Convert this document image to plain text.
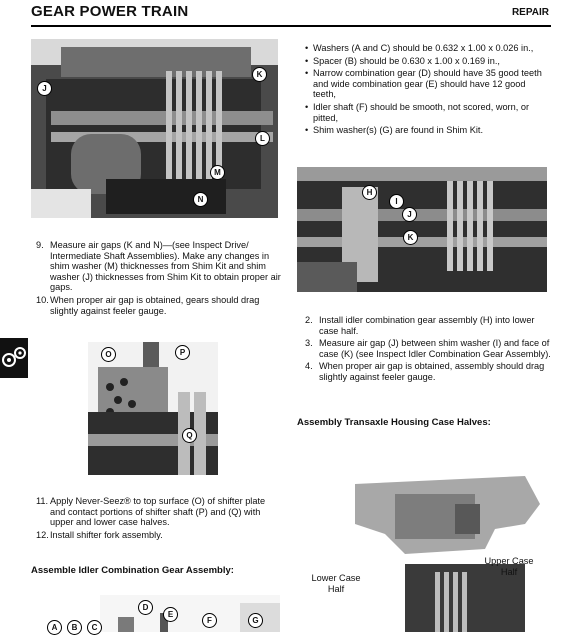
GEAR POWER TRAIN	REPAIR
J
K
L
M
N
9. Measure air gaps (K and N)—(see Inspect Drive/ Intermediate Shaft Assemblies). Make any changes in shim washer (M) thicknesses from Shim Kit and shim washer (J) thicknesses from Shim Kit to obtain proper air gaps.
10. When proper air gap is obtained, gears should drag slightly against feeler gauge.
O	P
Q
11. Apply Never-Seez® to top surface (O) of shifter plate and contact portions of shifter shaft (P) and (Q) with upper and lower case halves.
12. Install shifter fork assembly.
Assemble Idler Combination Gear Assembly:
A	B	C
D
E
F	G
• Washers (A and C) should be 0.632 x 1.00 x 0.026 in.,
• Spacer (B) should be 0.630 x 1.00 x 0.169 in.,
• Narrow combination gear (D) should have 35 good teeth and wide combination gear (E) should have 12 good teeth,
• Idler shaft (F) should be smooth, not scored, worn, or pitted,
• Shim washer(s) (G) are found in Shim Kit.
H
I
J
K
2. Install idler combination gear assembly (H) into lower case half.
3. Measure air gap (J) between shim washer (I) and face of case (K) (see Inspect Idler Combination Gear Assembly).
4. When proper air gap is obtained, assembly should drag slightly against feeler gauge.
Assembly Transaxle Housing Case Halves:
Upper Case Half
Lower Case Half
